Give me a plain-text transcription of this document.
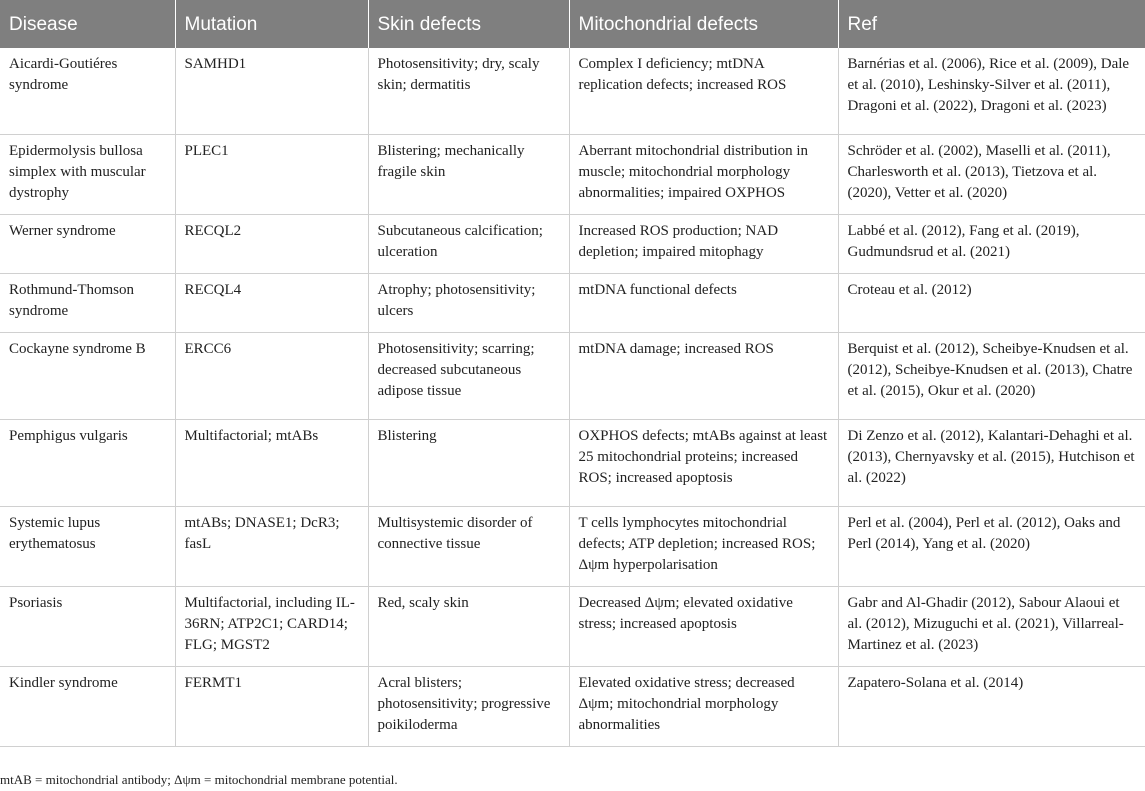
Disease	Mutation	Skin defects	Mitochondrial defects	Ref
Aicardi-Goutiéres syndrome	SAMHD1	Photosensitivity; dry, scaly skin; dermatitis	Complex I deficiency; mtDNA replication defects; increased ROS	Barnérias et al. (2006), Rice et al. (2009), Dale et al. (2010), Leshinsky-Silver et al. (2011), Dragoni et al. (2022), Dragoni et al. (2023)
Epidermolysis bullosa simplex with muscular dystrophy	PLEC1	Blistering; mechanically fragile skin	Aberrant mitochondrial distribution in muscle; mitochondrial morphology abnormalities; impaired OXPHOS	Schröder et al. (2002), Maselli et al. (2011), Charlesworth et al. (2013), Tietzova et al. (2020), Vetter et al. (2020)
Werner syndrome	RECQL2	Subcutaneous calcification; ulceration	Increased ROS production; NAD depletion; impaired mitophagy	Labbé et al. (2012), Fang et al. (2019), Gudmundsrud et al. (2021)
Rothmund-Thomson syndrome	RECQL4	Atrophy; photosensitivity; ulcers	mtDNA functional defects	Croteau et al. (2012)
Cockayne syndrome B	ERCC6	Photosensitivity; scarring; decreased subcutaneous adipose tissue	mtDNA damage; increased ROS	Berquist et al. (2012), Scheibye-Knudsen et al. (2012), Scheibye-Knudsen et al. (2013), Chatre et al. (2015), Okur et al. (2020)
Pemphigus vulgaris	Multifactorial; mtABs	Blistering	OXPHOS defects; mtABs against at least 25 mitochondrial proteins; increased ROS; increased apoptosis	Di Zenzo et al. (2012), Kalantari-Dehaghi et al. (2013), Chernyavsky et al. (2015), Hutchison et al. (2022)
Systemic lupus erythematosus	mtABs; DNASE1; DcR3; fasL	Multisystemic disorder of connective tissue	T cells lymphocytes mitochondrial defects; ATP depletion; increased ROS; Δψm hyperpolarisation	Perl et al. (2004), Perl et al. (2012), Oaks and Perl (2014), Yang et al. (2020)
Psoriasis	Multifactorial, including IL-36RN; ATP2C1; CARD14; FLG; MGST2	Red, scaly skin	Decreased Δψm; elevated oxidative stress; increased apoptosis	Gabr and Al-Ghadir (2012), Sabour Alaoui et al. (2012), Mizuguchi et al. (2021), Villarreal-Martinez et al. (2023)
Kindler syndrome	FERMT1	Acral blisters; photosensitivity; progressive poikiloderma	Elevated oxidative stress; decreased Δψm; mitochondrial morphology abnormalities	Zapatero-Solana et al. (2014)
mtAB = mitochondrial antibody; Δψm = mitochondrial membrane potential.
